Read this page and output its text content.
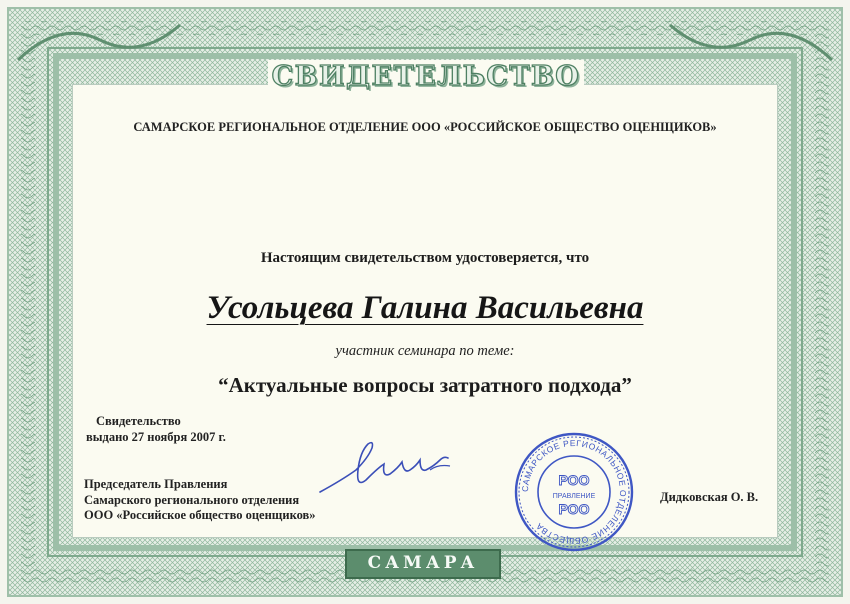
СВИДЕТЕЛЬСТВО
САМАРСКОЕ РЕГИОНАЛЬНОЕ ОТДЕЛЕНИЕ ООО «РОССИЙСКОЕ ОБЩЕСТВО ОЦЕНЩИКОВ»
Настоящим свидетельством удостоверяется, что
Усольцева Галина Васильевна
участник семинара по теме:
“Актуальные вопросы затратного подхода”
Свидетельство
выдано 27 ноября 2007 г.
Председатель Правления
Самарского регионального отделения
ООО «Российское общество оценщиков»
САМАРСКОЕ РЕГИОНАЛЬНОЕ ОТДЕЛЕНИЕ ОБЩЕСТВА
РОО
ПРАВЛЕНИЕ
РОО
Дидковская О. В.
САМАРА
